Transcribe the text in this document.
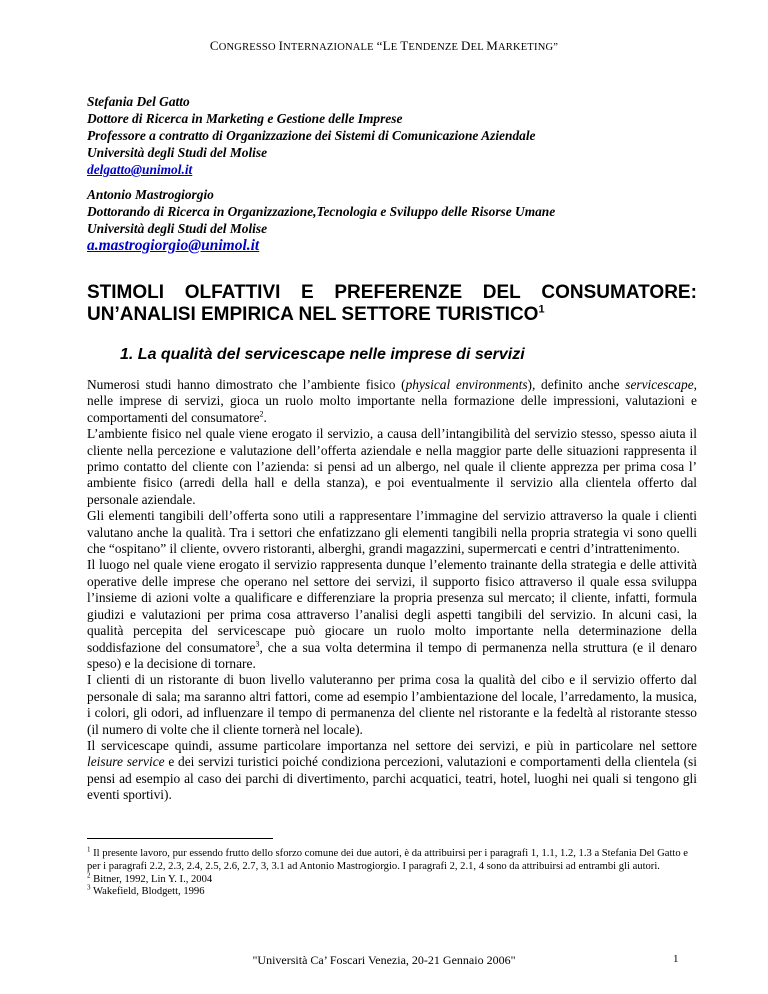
CONGRESSO INTERNAZIONALE “LE TENDENZE DEL MARKETING”
Stefania Del Gatto
Dottore di Ricerca in Marketing e Gestione delle Imprese
Professore a contratto di Organizzazione dei Sistemi di Comunicazione Aziendale
Università degli Studi del Molise
delgatto@unimol.it
Antonio Mastrogiorgio
Dottorando di Ricerca in Organizzazione,Tecnologia e Sviluppo delle Risorse Umane
Università degli Studi del Molise
a.mastrogiorgio@unimol.it
STIMOLI OLFATTIVI E PREFERENZE DEL CONSUMATORE:
UN’ANALISI EMPIRICA NEL SETTORE TURISTICO$^1$
1. La qualità del servicescape nelle imprese di servizi

Numerosi studi hanno dimostrato che l’ambiente fisico (physical environments), definito anche servicescape, nelle imprese di servizi, gioca un ruolo molto importante nella formazione delle impressioni, valutazioni e comportamenti del consumatore$^2$.

L’ambiente fisico nel quale viene erogato il servizio, a causa dell’intangibilità del servizio stesso, spesso aiuta il cliente nella percezione e valutazione dell’offerta aziendale e nella maggior parte delle situazioni rappresenta il primo contatto del cliente con l’azienda: si pensi ad un albergo, nel quale il cliente apprezza per prima cosa l’ ambiente fisico (arredi della hall e della stanza), e poi eventualmente il servizio alla clientela offerto dal personale aziendale.

Gli elementi tangibili dell’offerta sono utili a rappresentare l’immagine del servizio attraverso la quale i clienti valutano anche la qualità. Tra i settori che enfatizzano gli elementi tangibili nella propria strategia vi sono quelli che “ospitano” il cliente, ovvero ristoranti, alberghi, grandi magazzini, supermercati e centri d’intrattenimento.

Il luogo nel quale viene erogato il servizio rappresenta dunque l’elemento trainante della strategia e delle attività operative delle imprese che operano nel settore dei servizi, il supporto fisico attraverso il quale essa sviluppa l’insieme di azioni volte a qualificare e differenziare la propria presenza sul mercato; il cliente, infatti, formula giudizi e valutazioni per prima cosa attraverso l’analisi degli aspetti tangibili del servizio. In alcuni casi, la qualità percepita del servicescape può giocare un ruolo molto importante nella determinazione della soddisfazione del consumatore$^3$, che a sua volta determina il tempo di permanenza nella struttura (e il denaro speso) e la decisione di tornare.

I clienti di un ristorante di buon livello valuteranno per prima cosa la qualità del cibo e il servizio offerto dal personale di sala; ma saranno altri fattori, come ad esempio l’ambientazione del locale, l’arredamento, la musica, i colori, gli odori, ad influenzare il tempo di permanenza del cliente nel ristorante e la fedeltà al ristorante stesso (il numero di volte che il cliente tornerà nel locale).

Il servicescape quindi, assume particolare importanza nel settore dei servizi, e più in particolare nel settore leisure service e dei servizi turistici poiché condiziona percezioni, valutazioni e comportamenti della clientela (si pensi ad esempio al caso dei parchi di divertimento, parchi acquatici, teatri, hotel, luoghi nei quali si tengono gli eventi sportivi).

$^1$ Il presente lavoro, pur essendo frutto dello sforzo comune dei due autori, è da attribuirsi per i paragrafi 1, 1.1, 1.2, 1.3 a Stefania Del Gatto e per i paragrafi 2.2, 2.3, 2.4, 2.5, 2.6, 2.7, 3, 3.1 ad Antonio Mastrogiorgio. I paragrafi 2, 2.1, 4 sono da attribuirsi ad entrambi gli autori.

$^2$ Bitner, 1992, Lin Y. I., 2004

$^3$ Wakefield, Blodgett, 1996

"Università Ca’ Foscari Venezia, 20-21 Gennaio 2006"	1
